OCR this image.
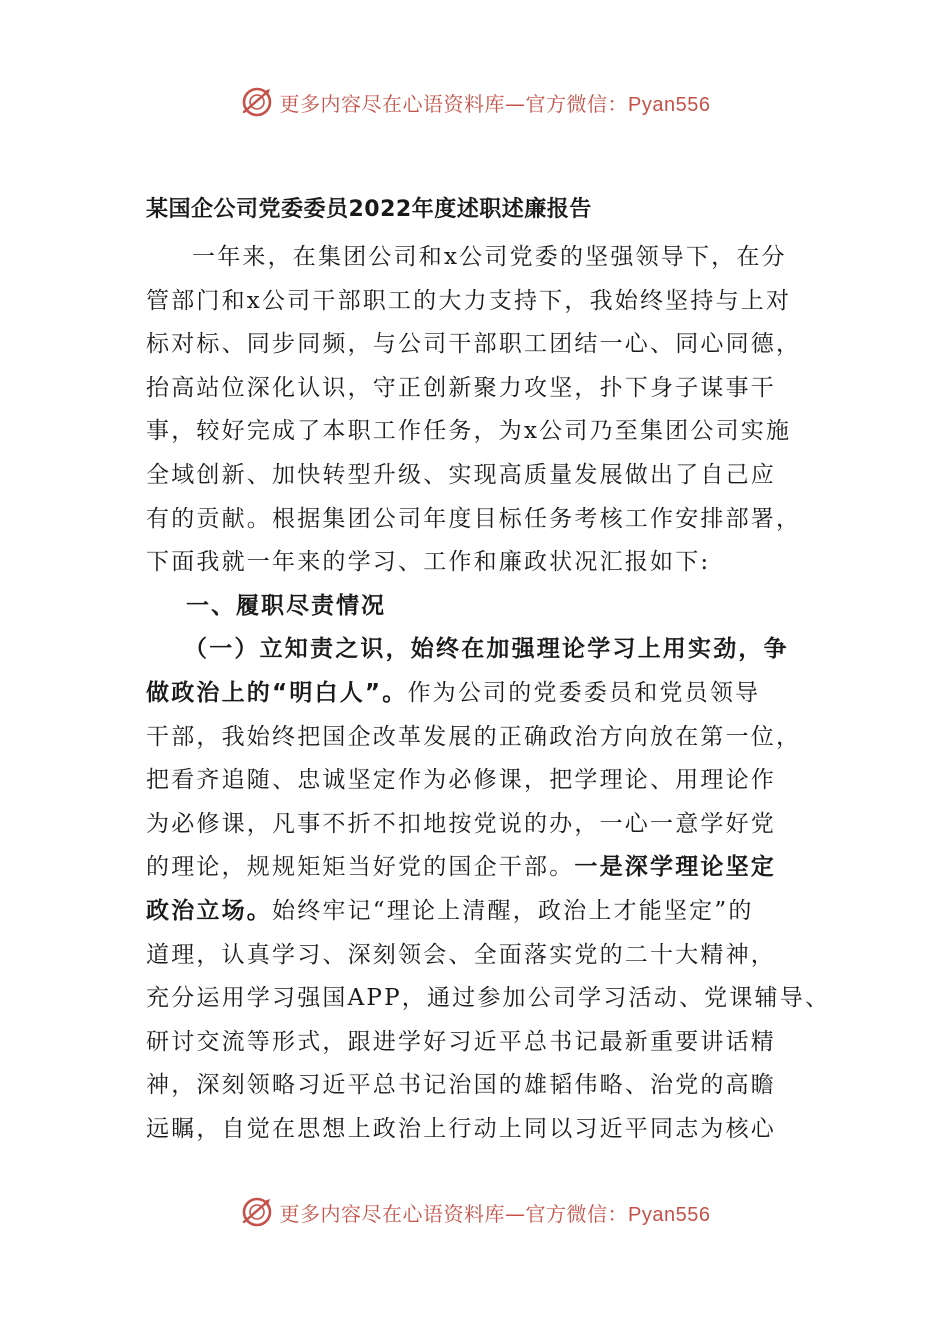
更多内容尽在心语资料库—官方微信：Pyan556
某国企公司党委委员2022年度述职述廉报告

一年来，在集团公司和x公司党委的坚强领导下，在分
管部门和x公司干部职工的大力支持下，我始终坚持与上对
标对标、同步同频，与公司干部职工团结一心、同心同德，
抬高站位深化认识，守正创新聚力攻坚，扑下身子谋事干
事，较好完成了本职工作任务，为x公司乃至集团公司实施
全域创新、加快转型升级、实现高质量发展做出了自己应
有的贡献。根据集团公司年度目标任务考核工作安排部署，
下面我就一年来的学习、工作和廉政状况汇报如下:

一、履职尽责情况

（一）立知责之识，始终在加强理论学习上用实劲，争
做政治上的“明白人”。作为公司的党委委员和党员领导
干部，我始终把国企改革发展的正确政治方向放在第一位，
把看齐追随、忠诚坚定作为必修课，把学理论、用理论作
为必修课，凡事不折不扣地按党说的办，一心一意学好党
的理论，规规矩矩当好党的国企干部。一是深学理论坚定
政治立场。始终牢记“理论上清醒，政治上才能坚定”的
道理，认真学习、深刻领会、全面落实党的二十大精神，
充分运用学习强国APP，通过参加公司学习活动、党课辅导、
研讨交流等形式，跟进学好习近平总书记最新重要讲话精
神，深刻领略习近平总书记治国的雄韬伟略、治党的高瞻
远瞩，自觉在思想上政治上行动上同以习近平同志为核心

更多内容尽在心语资料库—官方微信：Pyan556
